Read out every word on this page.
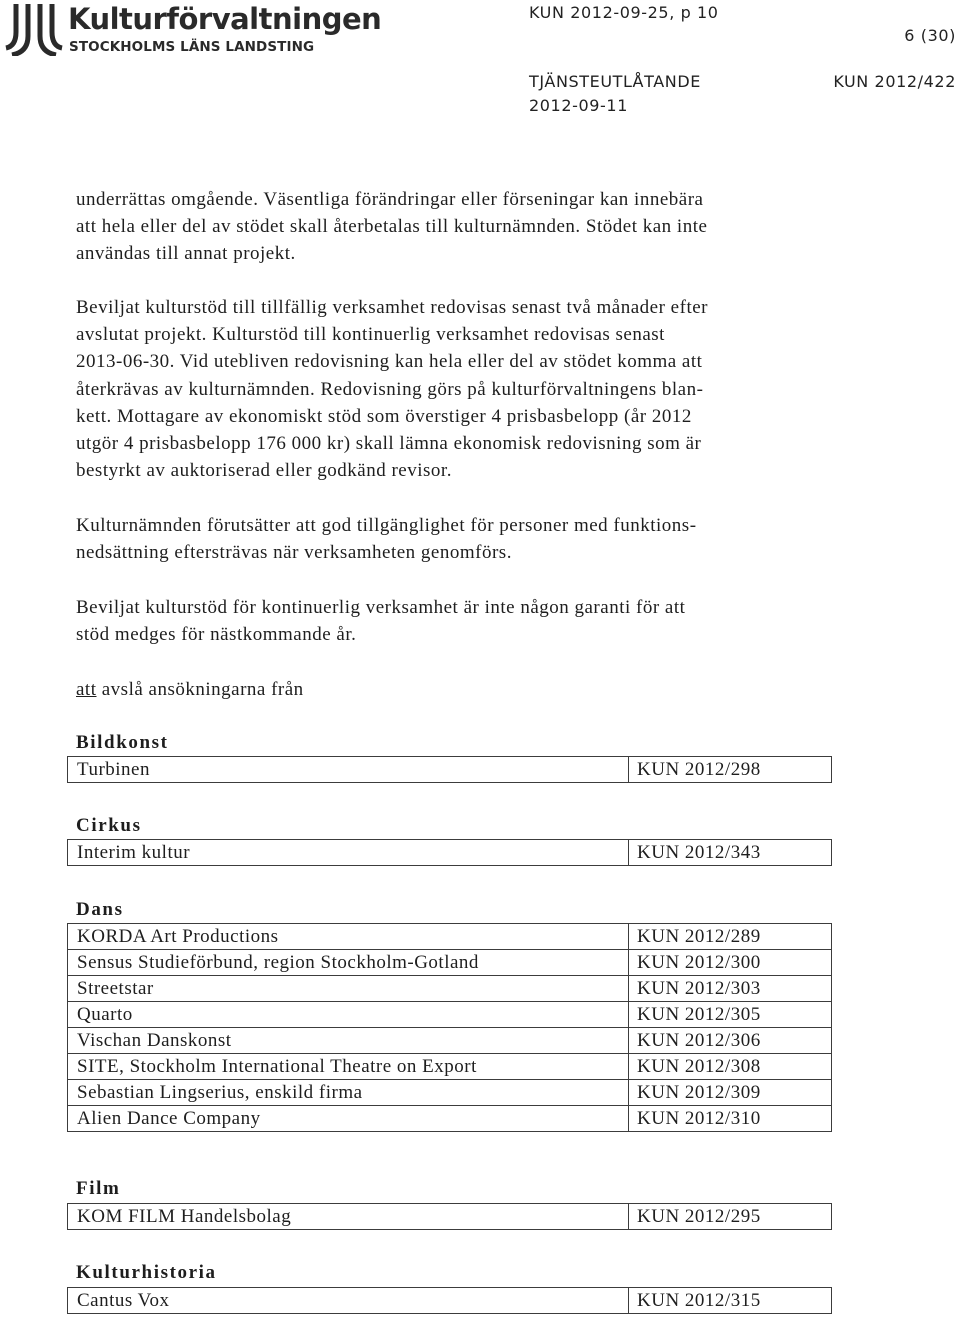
Kulturförvaltningen
STOCKHOLMS LÄNS LANDSTING
KUN 2012-09-25, p 10
6 (30)
TJÄNSTEUTLÅTANDE	KUN 2012/422
2012-09-11

underrättas omgående. Väsentliga förändringar eller förseningar kan innebära
att hela eller del av stödet skall återbetalas till kulturnämnden. Stödet kan inte
användas till annat projekt.

Beviljat kulturstöd till tillfällig verksamhet redovisas senast två månader efter
avslutat projekt. Kulturstöd till kontinuerlig verksamhet redovisas senast
2013-06-30. Vid utebliven redovisning kan hela eller del av stödet komma att
återkrävas av kulturnämnden. Redovisning görs på kulturförvaltningens blan-
kett. Mottagare av ekonomiskt stöd som överstiger 4 prisbasbelopp (år 2012
utgör 4 prisbasbelopp 176 000 kr) skall lämna ekonomisk redovisning som är
bestyrkt av auktoriserad eller godkänd revisor.

Kulturnämnden förutsätter att god tillgänglighet för personer med funktions-
nedsättning eftersträvas när verksamheten genomförs.

Beviljat kulturstöd för kontinuerlig verksamhet är inte någon garanti för att
stöd medges för nästkommande år.

att avslå ansökningarna från

Bildkonst
Turbinen	KUN 2012/298
Cirkus
Interim kultur	KUN 2012/343
Dans
KORDA Art Productions	KUN 2012/289
Sensus Studieförbund, region Stockholm-Gotland	KUN 2012/300
Streetstar	KUN 2012/303
Quarto	KUN 2012/305
Vischan Danskonst	KUN 2012/306
SITE, Stockholm International Theatre on Export	KUN 2012/308
Sebastian Lingserius, enskild firma	KUN 2012/309
Alien Dance Company	KUN 2012/310
Film
KOM FILM Handelsbolag	KUN 2012/295
Kulturhistoria
Cantus Vox	KUN 2012/315
